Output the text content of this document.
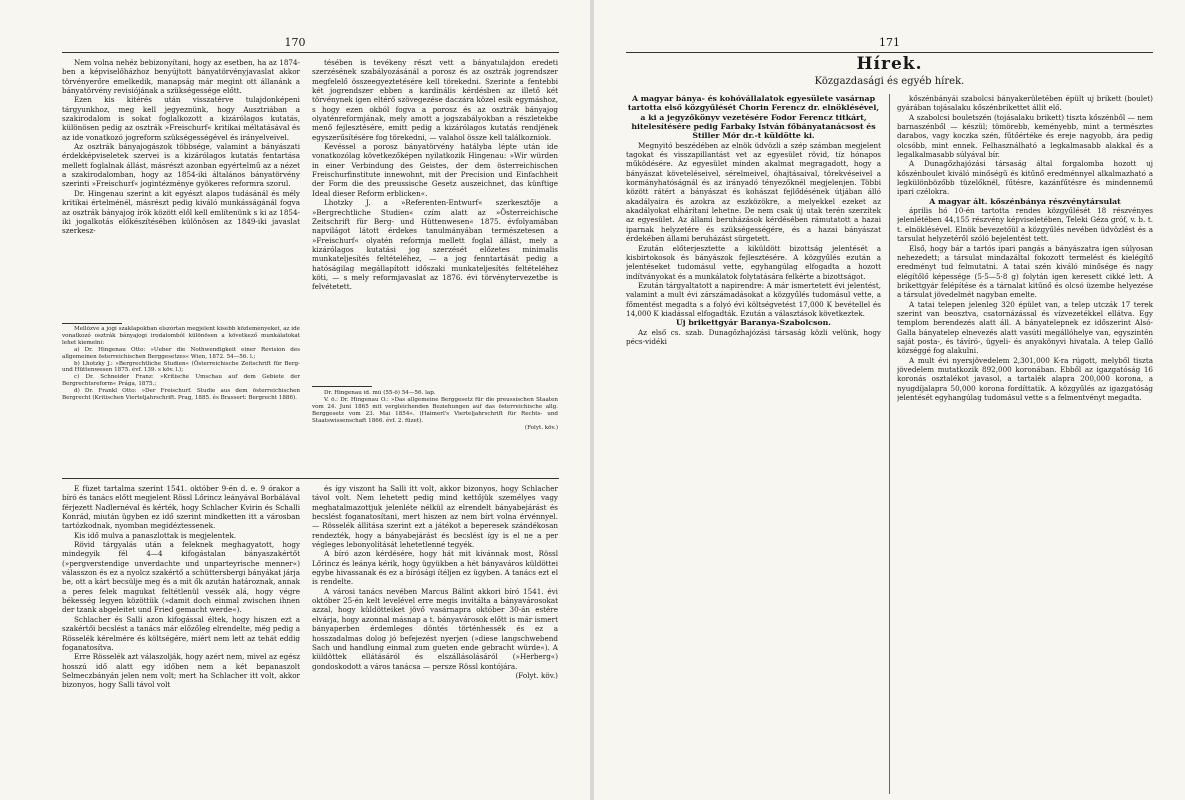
170

Nem volna nehéz bebizonyítani, hogy az esetben, ha az 1874-ben a képviselőházhoz benyújtott bányatörvényjavaslat akkor törvényerőre emelkedik, manapság már megint ott állanánk a bányatörvény revisiójának a szükségessége előtt.

Ezen kis kitérés után visszatérve tulajdonképeni tárgyunkhoz, meg kell jegyeznünk, hogy Ausztriában a szakirodalom is sokat foglalkozott a kizárólagos kutatás, különösen pedig az osztrák »Freischurf« kritikai méltatásával és az ide vonatkozó jogreform szükségességével és irányelveivel.

Az osztrák bányajogászok többsége, valamint a bányászati érdekképviseletek szervei is a kizárólagos kutatás fentartása mellett foglalnak állást, másrészt azonban egyértelmű az a nézet a szakirodalomban, hogy az 1854-iki általános bányatörvény szerinti »Freischurf« jogintézménye gyökeres reformra szorul.

Dr. Hingenau szerint a kit egyészt alapos tudásánál és mély kritikai értelménél, másrészt pedig kiváló munkásságánál fogva az osztrák bányajog írók között elől kell említenünk s ki az 1854-iki jogalkotás előkészítésében különösen az 1849-iki javaslat szerkesz-

Mellőzve a jogi szaklapokban elszórtan megjelent kisebb közleményeket, az ide vonatkozó osztrák bányajogi irodalomból különösen a következő munkálatokat lehet kiemelni:

a) Dr. Hingenau Otto: »Ueber die Nothwendigkeit einer Revision des allgemeinen österreichischen Berggesetzes« Wien, 1872. 54—56. l.;

b) Lhotzky J.: »Bergrechtliche Studien« (Österreichische Zeitschrift für Berg- und Hüttenwesen 1875. évf. 139. s köv. l.);

c) Dr. Schneider Franz: »Kritische Umschau auf dem Gebiete der Bergrechtsreform« Prága, 1875.;

d) Dr. Frankl Otto: »Der Freischurf. Studie aus dem österreichischen Bergrecht (Kritischen Vierteljahrschrift. Prag, 1885. és Brassert: Bergrecht 1886).

tésében is tevékeny részt vett a bányatulajdon eredeti szerzésének szabályozásánál a porosz és az osztrák jogrendszer megfelelő összeegyeztetésére kell törekedni. Szerinte a fentebbi két jogrendszer ebben a kardinális kérdésben az illető két törvénynek igen eltérő szövegezése daczára közel esik egymáshoz, s hogy ezen okból fogva a porosz és az osztrák bányajog olyaténreformjának, mely amott a jogszabályokban a részletekbe menő fejlesztésére, emitt pedig a kizárólagos kutatás rendjének egyszerűsítésére fog törekedni, — valahol össze kell találkozniok.

Kevéssel a porosz bányatörvény hatályba lépte után ide vonatkozólag következőképen nyilatkozik Hingenau: »Wir würden in einer Verbindung des Geistes, der dem österreichischen Freischurfinstitute innewohnt, mit der Precision und Einfachheit der Form die des preussische Gesetz auszeichnet, das künftige Ideal dieser Reform erblicken«.

Lhotzky J. a »Referenten-Entwurf« szerkesztője a »Bergrechtliche Studien« czím alatt az »Österreichische Zeitschrift für Berg- und Hüttenwesen« 1875. évfolyamában napvilágot látott érdekes tanulmányában természetesen a »Freischurf« olyatén reformja mellett foglal állást, mely a kizárólagos kutatási jog szerzését előzetes minimalis munkateljesítés feltételéhez, — a jog fenntartását pedig a hatóságilag megállapított időszaki munkateljesítés feltételéhez köti, — s mely reformjavaslat az 1876. évi törvénytervezetbe is felvétetett.

Dr. Hingenau id. mű (55-ö) 54—56. lap.

V. ö.: Dr. Hingenau O.: »Das allgemeine Berggesetz für die preussischen Staaten vom 24. Juni 1865 mit vergleichenden Beziehungen auf das österreichische allg. Berggesetz vom 23. Mai 1854«. (Haimerl's Vierteljahrschrift für Rechts- und Staatswissenschaft 1866. évf. 2. füzet).

(Folyt. köv.)

E füzet tartalma szerint 1541. október 9-én d. e. 9 órakor a bíró és tanács előtt megjelent Rössl Lőrincz leányával Borbálával férjezett Nadlernéval és kérték, hogy Schlacher Kvirin és Schalli Konrád, miután ügyben ez idő szerint mindketten itt a városban tartózkodnak, nyomban megidéztessenek.

Kis idő mulva a panaszlottak is megjelentek.

Rövid tárgyalás után a feleknek meghagyatott, hogy mindegyik fél 4—4 kifogástalan bányaszakértőt (»pergverstendige unverdachte und unparteyrische menner«) válasszon és ez a nyolcz szakértő a schüttersbergi bányákat járja be, ott a kárt becsülje meg és a mit ők azután határoznak, annak a peres felek magukat feltétlenül vessék alá, hogy végre békesség legyen közöttük (»damit doch einmal zwischen ihnen der tzank abgeleitet und Fried gemacht werde«).

Schlacher és Salli azon kifogással éltek, hogy hiszen ezt a szakértői becslést a tanács már előzőleg elrendelte, még pedig a Rösselék kérelmére és költségére, miért nem lett az tehát eddig foganatosítva.

Erre Rösselék azt válaszolják, hogy azért nem, mivel az egész hosszú idő alatt egy időben nem a két bepanaszolt Selmeczbányán jelen nem volt; mert ha Schlacher itt volt, akkor bizonyos, hogy Salli távol volt

és így viszont ha Salli itt volt, akkor bizonyos, hogy Schlacher távol volt. Nem lehetett pedig mind kettőjük személyes vagy meghatalmazottjuk jelenléte nélkül az elrendelt bányabejárást és becslést foganatosítani, mert hiszen az nem bírt volna érvénnyel. — Rösselék állítása szerint ezt a játékot a beperesek szándékosan rendezték, hogy a bányabejárást és becslést így is el ne a per végleges lebonyolítását lehetetlenné tegyék.

A bíró azon kérdésére, hogy hát mit kívánnak most, Rössl Lőrincz és leánya kérik, hogy ügyükben a hét bányaváros küldöttei egybe hivassanak és ez a bírósági ítéljen ez ügyben. A tanács ezt el is rendelte.

A városi tanács nevében Marcus Bálint akkori bíró 1541. évi október 25-én kelt levelével erre megis invitálta a bányavárosokat azzal, hogy küldötteiket jövő vasárnapra október 30-án estére elvárja, hogy azonnal másnap a t. bányavárosok előtt is már ismert bányaperben érdemleges döntés történhessék és ez a hosszadalmas dolog jó befejezést nyerjen (»diese langschwebend Sach und handlung einmal zum gueten ende gebracht würde«). A küldöttek ellátásáról és elszállásolásáról (»Herberg«) gondoskodott a város tanácsa — persze Rössl kontójára.

(Folyt. köv.)

171
Hírek.
Közgazdasági és egyéb hírek.

A magyar bánya- és kohóvállalatok egyesülete vasárnap tartotta első közgyűlését Chorin Ferencz dr. elnöklésével, a ki a jegyzőkönyv vezetésére Fodor Ferencz titkárt, hitelesítésére pedig Farbaky István főbányatanácsost és Stiller Mór dr.-t küldötte ki.

Megnyitó beszédében az elnök üdvözli a szép számban megjelent tagokat és visszapillantást vet az egyesület rövid, tíz hónapos működésére. Az egyesület minden akalmat megragadott, hogy a bányászat követeléseivel, sérelmeivel, óhajtásaival, törekvéseivel a kormányhatóságnál és az irányadó tényezőknél megjelenjen. Többi között rátért a bányászat és kohászat fejlődésének útjában álló akadályaira és azokra az eszközökre, a melyekkel ezeket az akadályokat elhárítani lehetne. De nem csak új utak terén szerzitek az egyesület. Az állami beruházások kérdésében rámutatott a hazai iparnak helyzetére és szükségességére, és a hazai bányászat érdekében állami beruházást sürgetett.

Ezután előterjesztette a kiküldött bizottság jelentését a kisbirtokosok és bányászok fejlesztésére. A közgyűlés ezután a jelentéseket tudomásul vette, egyhangúlag elfogadta a hozott indítványokat és a munkálatok folytatására felkérte a bizottságot.

Ezután tárgyaltatott a napirendre: A már ismertetett évi jelentést, valamint a mult évi zárszámadásokat a közgyűlés tudomásul vette, a főmentést megadta s a folyó évi költségvetést 17,000 K bevétellel és 14,000 K kiadással elfogadták. Ezután a választások következtek.

Uj brikettgyár Baranya-Szabolcson.

Az első cs. szab. Dunagőzhajózási társaság közli velünk, hogy pécs-vidéki

kőszénbányái szabolcsi bányakerületében épült uj brikett (boulet) gyárában tojásalaku kőszénbrikettet állít elő.

A szabolcsi bouletszén (tojásalaku brikett) tiszta kőszénből — nem barnaszénből — készül; tömörebb, keményebb, mint a természtes darabos, vagy koczka szén, fűtőértéke és ereje nagyobb, ára pedig olcsóbb, mint ennek. Felhasználható a legkalmasabb alakkal és a legalkalmasabb súlyával bír.

A Dunagőzhajózási társaság által forgalomba hozott uj kőszénboulet kiváló minőségű és kitűnő eredménnyel alkalmazható a legkülönbözőbb tüzelőknél, fűtésre, kazánfűtésre és mindennemű ipari czélokra.

A magyar ált. kőszénbánya részvénytársulat

április hó 10-én tartotta rendes közgyűlését 18 részvényes jelenlétében 44,155 részvény képviseletében, Teleki Géza gróf, v. b. t. t. elnöklésével. Elnök bevezetőül a közgyűlés nevében üdvözlést és a tarsulat helyzetéről szóló bejelentést tett.

Első, hogy bár a tartós ipari pangás a bányászatra igen súlyosan nehezedett; a társulat mindazáltal fokozott termelést és kielégítő eredményt tud felmutatni. A tatai szén kiváló minősége és nagy elégítőlő képessége (5·5—5·8 g) folytán igen keresett cikké lett. A brikettgyár felépítése és a tárnalat kitűnő és olcsó üzembe helyezése a társulat jövedelmét nagyban emelte.

A tatai telepen jelenleg 320 épület van, a telep utczák 17 terek szerint van beosztva, csatornázással és vízvezetékkel ellátva. Egy templom berendezés alatt áll. A bányatelepnek ez időszerint Alsó-Galla bányatelep elnevezés alatt vasúti megállóhelye van, egyszintén saját posta-, és távíró-, ügyeli- és anyakönyvi hivatala. A telep Galló községgé fog alakulni.

A mult évi nyersjövedelem 2,301,000 K-ra rúgott, melyből tiszta jövedelem mutatkozik 892,000 koronában. Ebből az igazgatóság 16 koronás osztalékot javasol, a tartalék alapra 200,000 korona, a nyugdíjalapra 50,000 korona fordíttatik. A közgyűlés az igazgatóság jelentését egyhangúlag tudomásul vette s a felmentvényt megadta.
